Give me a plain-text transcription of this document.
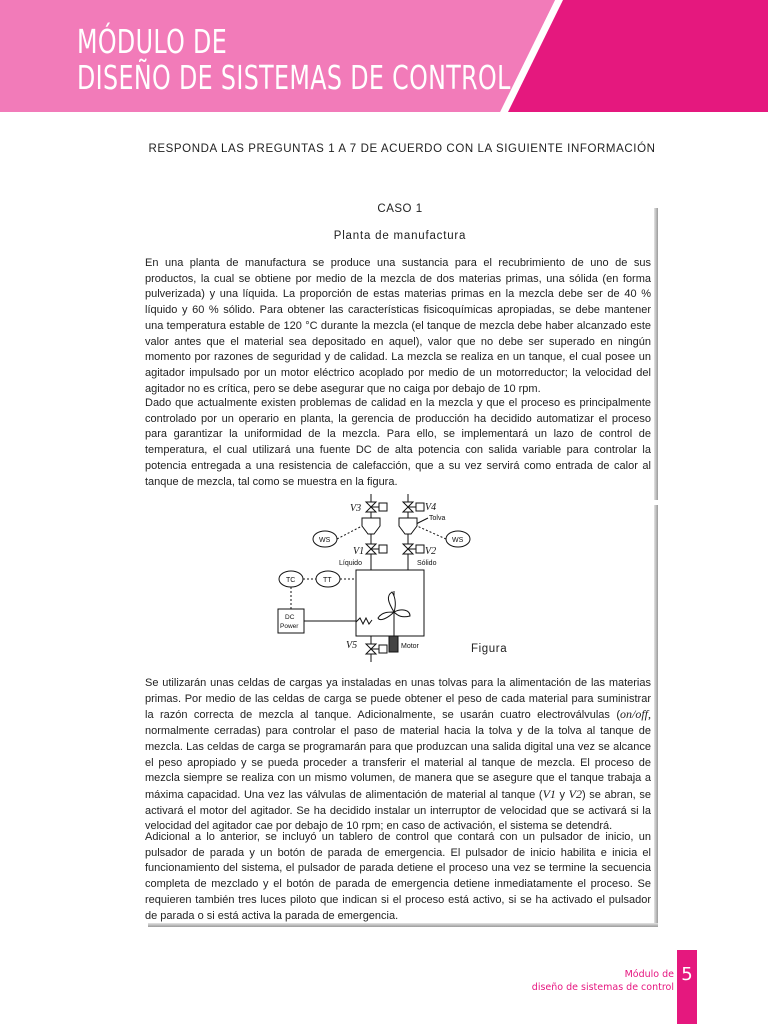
MÓDULO DE
DISEÑO DE SISTEMAS DE CONTROL
RESPONDA LAS PREGUNTAS 1 A 7 DE ACUERDO CON LA SIGUIENTE INFORMACIÓN
CASO 1
Planta de manufactura

En una planta de manufactura se produce una sustancia para el recubrimiento de uno de sus productos, la cual se obtiene por medio de la mezcla de dos materias primas, una sólida (en forma pulverizada) y una líquida. La proporción de estas materias primas en la mezcla debe ser de 40 % líquido y 60 % sólido. Para obtener las características fisicoquímicas apropiadas, se debe mantener una temperatura estable de 120 °C durante la mezcla (el tanque de mezcla debe haber alcanzado este valor antes que el material sea depositado en aquel), valor que no debe ser superado en ningún momento por razones de seguridad y de calidad. La mezcla se realiza en un tanque, el cual posee un agitador impulsado por un motor eléctrico acoplado por medio de un motorreductor; la velocidad del agitador no es crítica, pero se debe asegurar que no caiga por debajo de 10 rpm.

Dado que actualmente existen problemas de calidad en la mezcla y que el proceso es principalmente controlado por un operario en planta, la gerencia de producción ha decidido automatizar el proceso para garantizar la uniformidad de la mezcla. Para ello, se implementará un lazo de control de temperatura, el cual utilizará una fuente DC de alta potencia con salida variable para controlar la potencia entregada a una resistencia de calefacción, que a su vez servirá como entrada de calor al tanque de mezcla, tal como se muestra en la figura.

V3	V4
Tolva
WS	WS
V1
Líquido
V2
Sólido
TC	TT
DC
Power
V5	Motor	Figura

Se utilizarán unas celdas de cargas ya instaladas en unas tolvas para la alimentación de las materias primas. Por medio de las celdas de carga se puede obtener el peso de cada material para suministrar la razón correcta de mezcla al tanque. Adicionalmente, se usarán cuatro electroválvulas (on/off, normalmente cerradas) para controlar el paso de material hacia la tolva y de la tolva al tanque de mezcla. Las celdas de carga se programarán para que produzcan una salida digital una vez se alcance el peso apropiado y se pueda proceder a transferir el material al tanque de mezcla. El proceso de mezcla siempre se realiza con un mismo volumen, de manera que se asegure que el tanque trabaja a máxima capacidad. Una vez las válvulas de alimentación de material al tanque (V1 y V2) se abran, se activará el motor del agitador. Se ha decidido instalar un interruptor de velocidad que se activará si la velocidad del agitador cae por debajo de 10 rpm; en caso de activación, el sistema se detendrá.

Adicional a lo anterior, se incluyó un tablero de control que contará con un pulsador de inicio, un pulsador de parada y un botón de parada de emergencia. El pulsador de inicio habilita e inicia el funcionamiento del sistema, el pulsador de parada detiene el proceso una vez se termine la secuencia completa de mezclado y el botón de parada de emergencia detiene inmediatamente el proceso. Se requieren también tres luces piloto que indican si el proceso está activo, si se ha activado el pulsador de parada o si está activa la parada de emergencia.

Módulo de
diseño de sistemas de control
5
